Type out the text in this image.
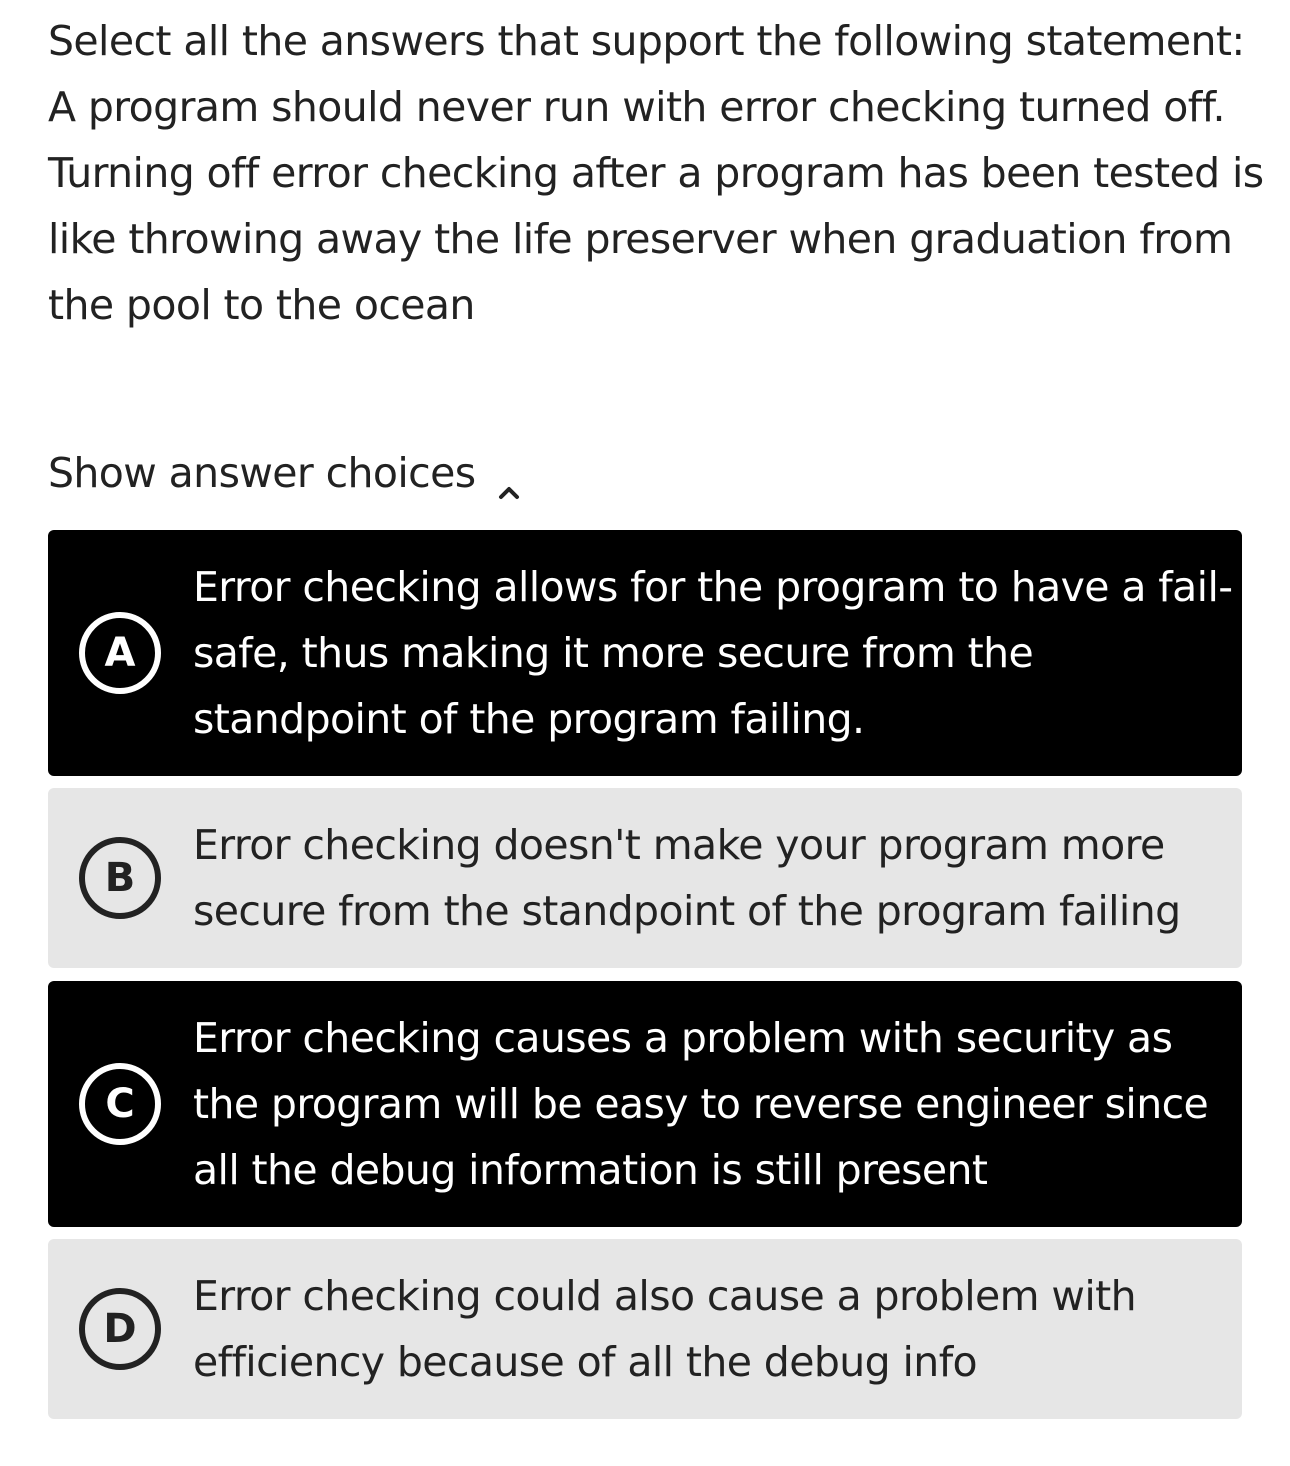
Select all the answers that support the following statement:
A program should never run with error checking turned off.
Turning off error checking after a program has been tested is
like throwing away the life preserver when graduation from
the pool to the ocean
Show answer choices
A
Error checking allows for the program to have a fail-
safe, thus making it more secure from the
standpoint of the program failing.
B
Error checking doesn't make your program more
secure from the standpoint of the program failing
C
Error checking causes a problem with security as
the program will be easy to reverse engineer since
all the debug information is still present
D
Error checking could also cause a problem with
efficiency because of all the debug info
